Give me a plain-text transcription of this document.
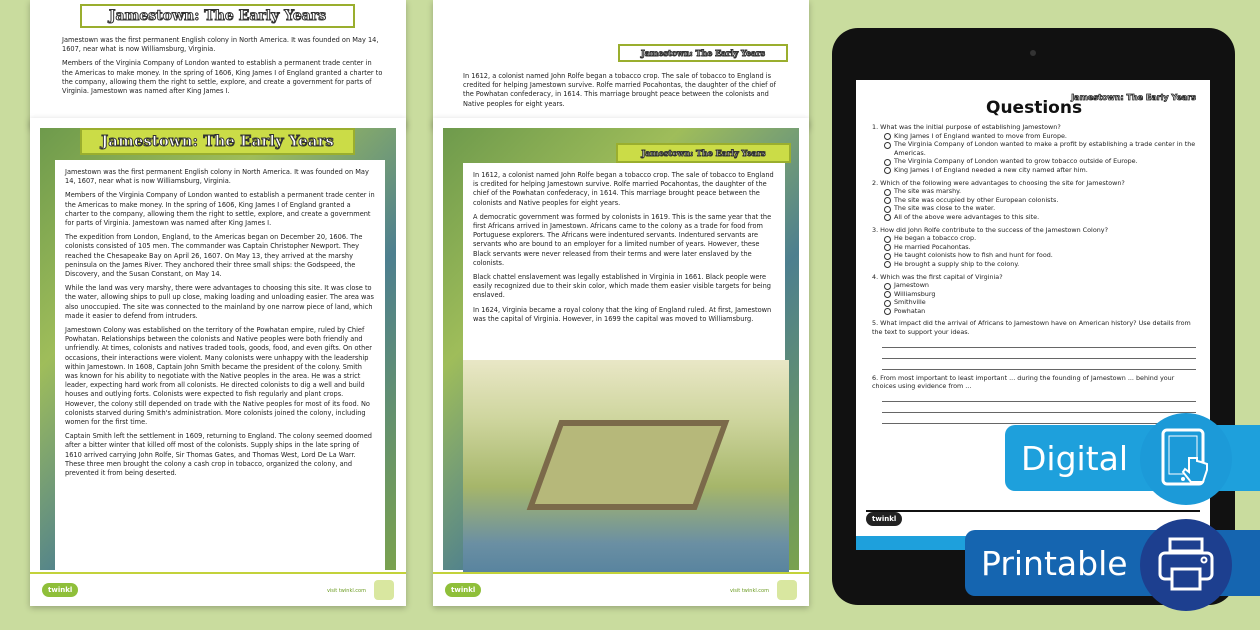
Jamestown: The Early Years

Jamestown was the first permanent English colony in North America. It was founded on May 14, 1607, near what is now Williamsburg, Virginia.

Members of the Virginia Company of London wanted to establish a permanent trade center in the Americas to make money. In the spring of 1606, King James I of England granted a charter to the company, allowing them the right to settle, explore, and create a government for parts of Virginia. Jamestown was named after King James I.

Jamestown: The Early Years

In 1612, a colonist named John Rolfe began a tobacco crop. The sale of tobacco to England is credited for helping Jamestown survive. Rolfe married Pocahontas, the daughter of the chief of the Powhatan confederacy, in 1614. This marriage brought peace between the colonists and Native peoples for eight years.

Jamestown: The Early Years

Jamestown was the first permanent English colony in North America. It was founded on May 14, 1607, near what is now Williamsburg, Virginia.

Members of the Virginia Company of London wanted to establish a permanent trade center in the Americas to make money. In the spring of 1606, King James I of England granted a charter to the company, allowing them the right to settle, explore, and create a government for parts of Virginia. Jamestown was named after King James I.

The expedition from London, England, to the Americas began on December 20, 1606. The colonists consisted of 105 men. The commander was Captain Christopher Newport. They reached the Chesapeake Bay on April 26, 1607. On May 13, they arrived at the marshy peninsula on the James River. They anchored their three small ships: the Godspeed, the Discovery, and the Susan Constant, on May 14.

While the land was very marshy, there were advantages to choosing this site. It was close to the water, allowing ships to pull up close, making loading and unloading easier. The area was also unoccupied. The site was connected to the mainland by one narrow piece of land, which made it easier to defend from intruders.

Jamestown Colony was established on the territory of the Powhatan empire, ruled by Chief Powhatan. Relationships between the colonists and Native peoples were both friendly and unfriendly. At times, colonists and natives traded tools, goods, food, and even gifts. On other occasions, their interactions were violent. Many colonists were unhappy with the leadership within Jamestown. In 1608, Captain John Smith became the president of the colony. Smith was known for his ability to negotiate with the Native peoples in the area. He was a strict leader, expecting hard work from all colonists. He directed colonists to dig a well and build houses and outlying forts. Colonists were expected to fish regularly and plant crops. However, the colony still depended on trade with the Native peoples for most of its food. No colonists starved during Smith's administration. More colonists joined the colony, including women for the first time.

Captain Smith left the settlement in 1609, returning to England. The colony seemed doomed after a bitter winter that killed off most of the colonists. Supply ships in the late spring of 1610 arrived carrying John Rolfe, Sir Thomas Gates, and Thomas West, Lord De La Warr. These three men brought the colony a cash crop in tobacco, organized the colony, and prevented it from being deserted.

twinkl	visit twinkl.com

In 1612, a colonist named John Rolfe began a tobacco crop. The sale of tobacco to England is credited for helping Jamestown survive. Rolfe married Pocahontas, the daughter of the chief of the Powhatan confederacy, in 1614. This marriage brought peace between the colonists and Native peoples for eight years.

A democratic government was formed by colonists in 1619. This is the same year that the first Africans arrived in Jamestown. Africans came to the colony as a trade for food from Portuguese explorers. The Africans were indentured servants. Indentured servants are servants who are bound to an employer for a limited number of years. However, these Black servants were never released from their terms and were later enslaved by the colonists.

Black chattel enslavement was legally established in Virginia in 1661. Black people were easily recognized due to their skin color, which made them easier visible targets for being enslaved.

In 1624, Virginia became a royal colony that the king of England ruled. At first, Jamestown was the capital of Virginia. However, in 1699 the capital was moved to Williamsburg.

Jamestown: The Early Years
twinkl	visit twinkl.com
Jamestown: The Early Years
Questions
1. What was the initial purpose of establishing Jamestown?
King James I of England wanted to move from Europe.
The Virginia Company of London wanted to make a profit by establishing a trade center in the Americas.
The Virginia Company of London wanted to grow tobacco outside of Europe.
King James I of England needed a new city named after him.
2. Which of the following were advantages to choosing the site for Jamestown?
The site was marshy.
The site was occupied by other European colonists.
The site was close to the water.
All of the above were advantages to this site.
3. How did John Rolfe contribute to the success of the Jamestown Colony?
He began a tobacco crop.
He married Pocahontas.
He taught colonists how to fish and hunt for food.
He brought a supply ship to the colony.
4. Which was the first capital of Virginia?
Jamestown
Williamsburg
Smithville
Powhatan
5. What impact did the arrival of Africans to Jamestown have on American history? Use details from the text to support your ideas.
6. From most important to least important ... during the founding of Jamestown ... behind your choices using evidence from ...
twinkl
Digital
Printable
